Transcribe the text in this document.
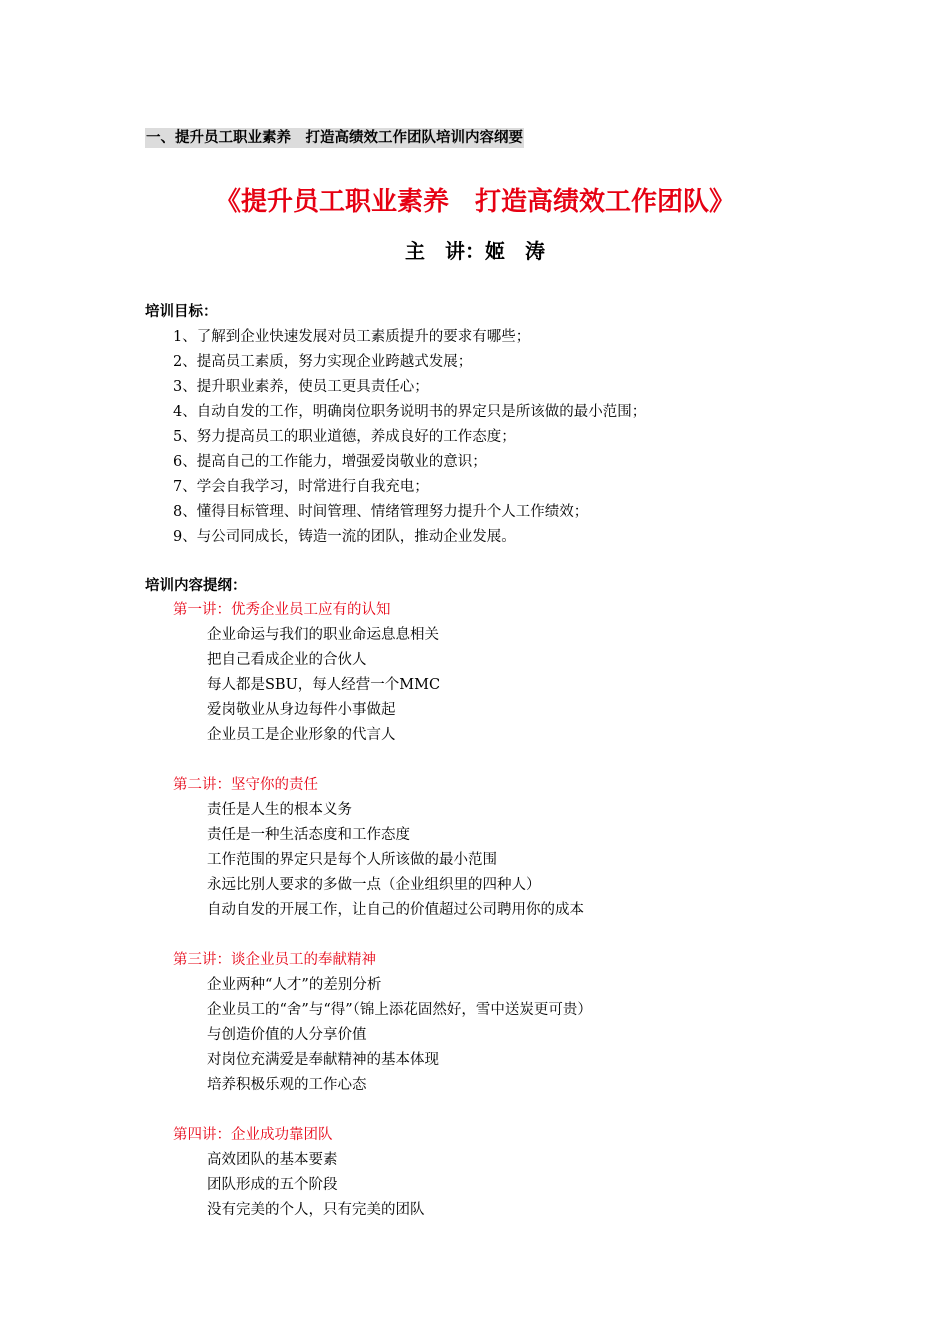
一、提升员工职业素养　打造高绩效工作团队培训内容纲要
《提升员工职业素养　打造高绩效工作团队》
主　讲：姬　涛
培训目标：
1、了解到企业快速发展对员工素质提升的要求有哪些；
2、提高员工素质，努力实现企业跨越式发展；
3、提升职业素养，使员工更具责任心；
4、自动自发的工作，明确岗位职务说明书的界定只是所该做的最小范围；
5、努力提高员工的职业道德，养成良好的工作态度；
6、提高自己的工作能力，增强爱岗敬业的意识；
7、学会自我学习，时常进行自我充电；
8、懂得目标管理、时间管理、情绪管理努力提升个人工作绩效；
9、与公司同成长，铸造一流的团队，推动企业发展。
培训内容提纲：
第一讲：优秀企业员工应有的认知
企业命运与我们的职业命运息息相关
把自己看成企业的合伙人
每人都是SBU，每人经营一个MMC
爱岗敬业从身边每件小事做起
企业员工是企业形象的代言人
第二讲：坚守你的责任
责任是人生的根本义务
责任是一种生活态度和工作态度
工作范围的界定只是每个人所该做的最小范围
永远比别人要求的多做一点（企业组织里的四种人）
自动自发的开展工作，让自己的价值超过公司聘用你的成本
第三讲：谈企业员工的奉献精神
企业两种“人才”的差别分析
企业员工的“舍”与“得”（锦上添花固然好，雪中送炭更可贵）
与创造价值的人分享价值
对岗位充满爱是奉献精神的基本体现
培养积极乐观的工作心态
第四讲：企业成功靠团队
高效团队的基本要素
团队形成的五个阶段
没有完美的个人，只有完美的团队
